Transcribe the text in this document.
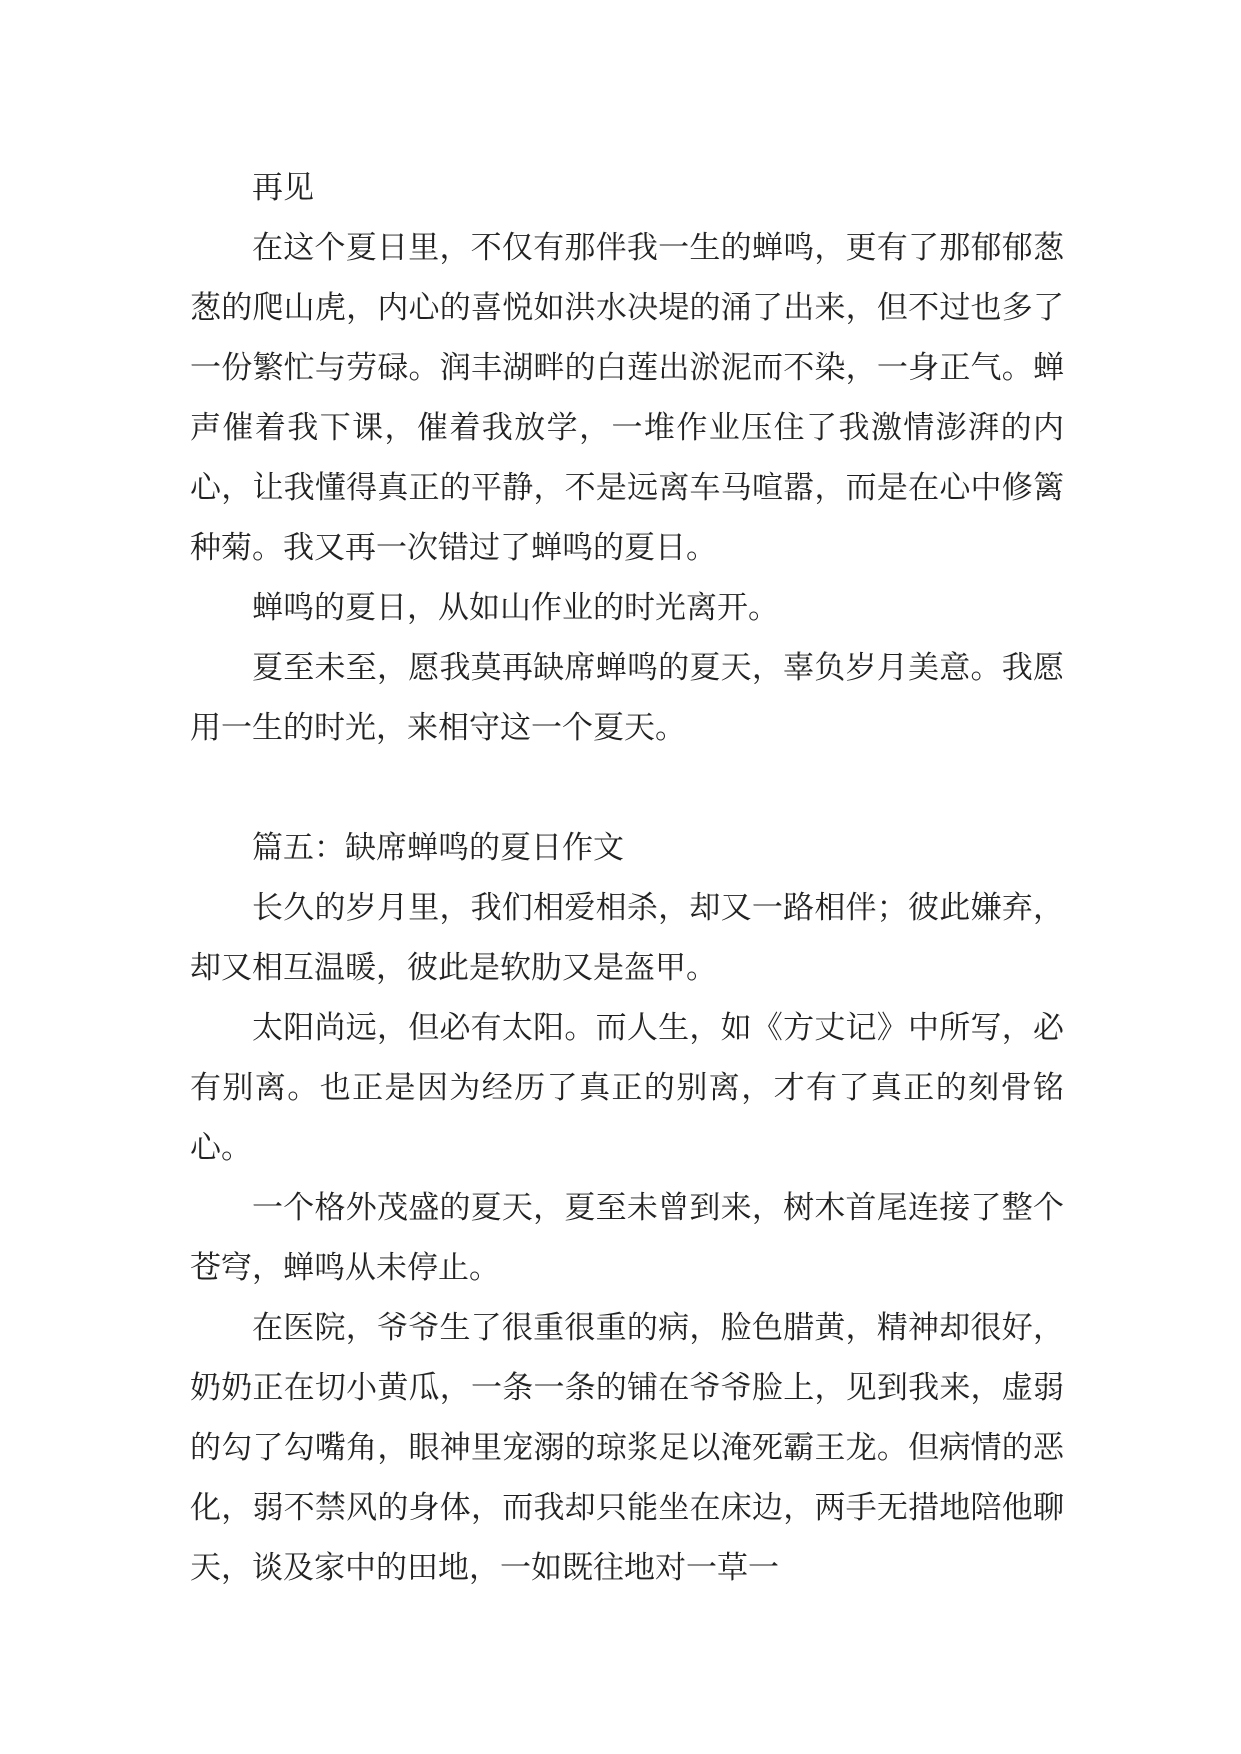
再见

在这个夏日里，不仅有那伴我一生的蝉鸣，更有了那郁郁葱葱的爬山虎，内心的喜悦如洪水决堤的涌了出来，但不过也多了一份繁忙与劳碌。润丰湖畔的白莲出淤泥而不染，一身正气。蝉声催着我下课，催着我放学，一堆作业压住了我激情澎湃的内心，让我懂得真正的平静，不是远离车马喧嚣，而是在心中修篱种菊。我又再一次错过了蝉鸣的夏日。

蝉鸣的夏日，从如山作业的时光离开。

夏至未至，愿我莫再缺席蝉鸣的夏天，辜负岁月美意。我愿用一生的时光，来相守这一个夏天。

篇五：缺席蝉鸣的夏日作文

长久的岁月里，我们相爱相杀，却又一路相伴；彼此嫌弃，却又相互温暖，彼此是软肋又是盔甲。

太阳尚远，但必有太阳。而人生，如《方丈记》中所写，必有别离。也正是因为经历了真正的别离，才有了真正的刻骨铭心。

一个格外茂盛的夏天，夏至未曾到来，树木首尾连接了整个苍穹，蝉鸣从未停止。

在医院，爷爷生了很重很重的病，脸色腊黄，精神却很好，奶奶正在切小黄瓜，一条一条的铺在爷爷脸上，见到我来，虚弱的勾了勾嘴角，眼神里宠溺的琼浆足以淹死霸王龙。但病情的恶化，弱不禁风的身体，而我却只能坐在床边，两手无措地陪他聊天，谈及家中的田地，一如既往地对一草一
